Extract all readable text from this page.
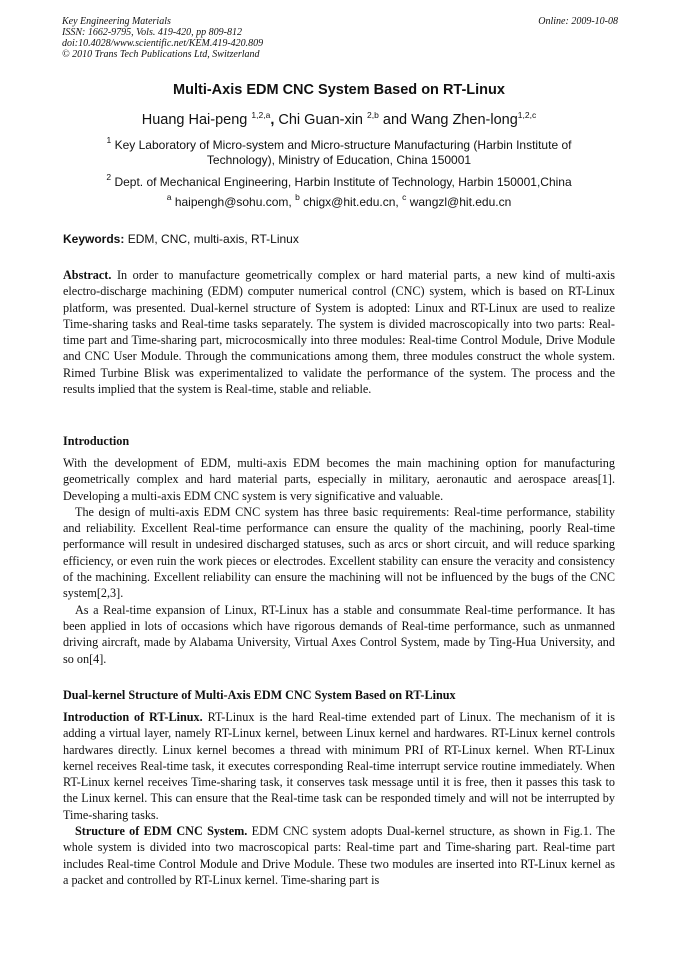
Key Engineering Materials
ISSN: 1662-9795, Vols. 419-420, pp 809-812
doi:10.4028/www.scientific.net/KEM.419-420.809
© 2010 Trans Tech Publications Ltd, Switzerland
Online: 2009-10-08
Multi-Axis EDM CNC System Based on RT-Linux
Huang Hai-peng $^{1,2,a}$, Chi Guan-xin $^{2,b}$ and Wang Zhen-long$^{1,2,c}$
$^1$ Key Laboratory of Micro-system and Micro-structure Manufacturing (Harbin Institute of Technology), Ministry of Education, China 150001
$^2$ Dept. of Mechanical Engineering, Harbin Institute of Technology, Harbin 150001,China
$^a$ haipengh@sohu.com, $^b$ chigx@hit.edu.cn, $^c$ wangzl@hit.edu.cn
Keywords: EDM, CNC, multi-axis, RT-Linux

Abstract. In order to manufacture geometrically complex or hard material parts, a new kind of multi-axis electro-discharge machining (EDM) computer numerical control (CNC) system, which is based on RT-Linux platform, was presented. Dual-kernel structure of System is adopted: Linux and RT-Linux are used to realize Time-sharing tasks and Real-time tasks separately. The system is divided macroscopically into two parts: Real-time part and Time-sharing part, microcosmically into three modules: Real-time Control Module, Drive Module and CNC User Module. Through the communications among them, three modules construct the whole system. Rimed Turbine Blisk was experimentalized to validate the performance of the system. The process and the results implied that the system is Real-time, stable and reliable.

Introduction

With the development of EDM, multi-axis EDM becomes the main machining option for manufacturing geometrically complex and hard material parts, especially in military, aeronautic and aerospace areas[1]. Developing a multi-axis EDM CNC system is very significative and valuable.

The design of multi-axis EDM CNC system has three basic requirements: Real-time performance, stability and reliability. Excellent Real-time performance can ensure the quality of the machining, poorly Real-time performance will result in undesired discharged statuses, such as arcs or short circuit, and will reduce sparking efficiency, or even ruin the work pieces or electrodes. Excellent stability can ensure the veracity and consistency of the machining. Excellent reliability can ensure the machining will not be influenced by the bugs of the CNC system[2,3].

As a Real-time expansion of Linux, RT-Linux has a stable and consummate Real-time performance. It has been applied in lots of occasions which have rigorous demands of Real-time performance, such as unmanned driving aircraft, made by Alabama University, Virtual Axes Control System, made by Ting-Hua University, and so on[4].

Dual-kernel Structure of Multi-Axis EDM CNC System Based on RT-Linux

Introduction of RT-Linux. RT-Linux is the hard Real-time extended part of Linux. The mechanism of it is adding a virtual layer, namely RT-Linux kernel, between Linux kernel and hardwares. RT-Linux kernel controls hardwares directly. Linux kernel becomes a thread with minimum PRI of RT-Linux kernel. When RT-Linux kernel receives Real-time task, it executes corresponding Real-time interrupt service routine immediately. When RT-Linux kernel receives Time-sharing task, it conserves task message until it is free, then it passes this task to the Linux kernel. This can ensure that the Real-time task can be responded timely and will not be interrupted by Time-sharing tasks.

Structure of EDM CNC System. EDM CNC system adopts Dual-kernel structure, as shown in Fig.1. The whole system is divided into two macroscopical parts: Real-time part and Time-sharing part. Real-time part includes Real-time Control Module and Drive Module. These two modules are inserted into RT-Linux kernel as a packet and controlled by RT-Linux kernel. Time-sharing part is
